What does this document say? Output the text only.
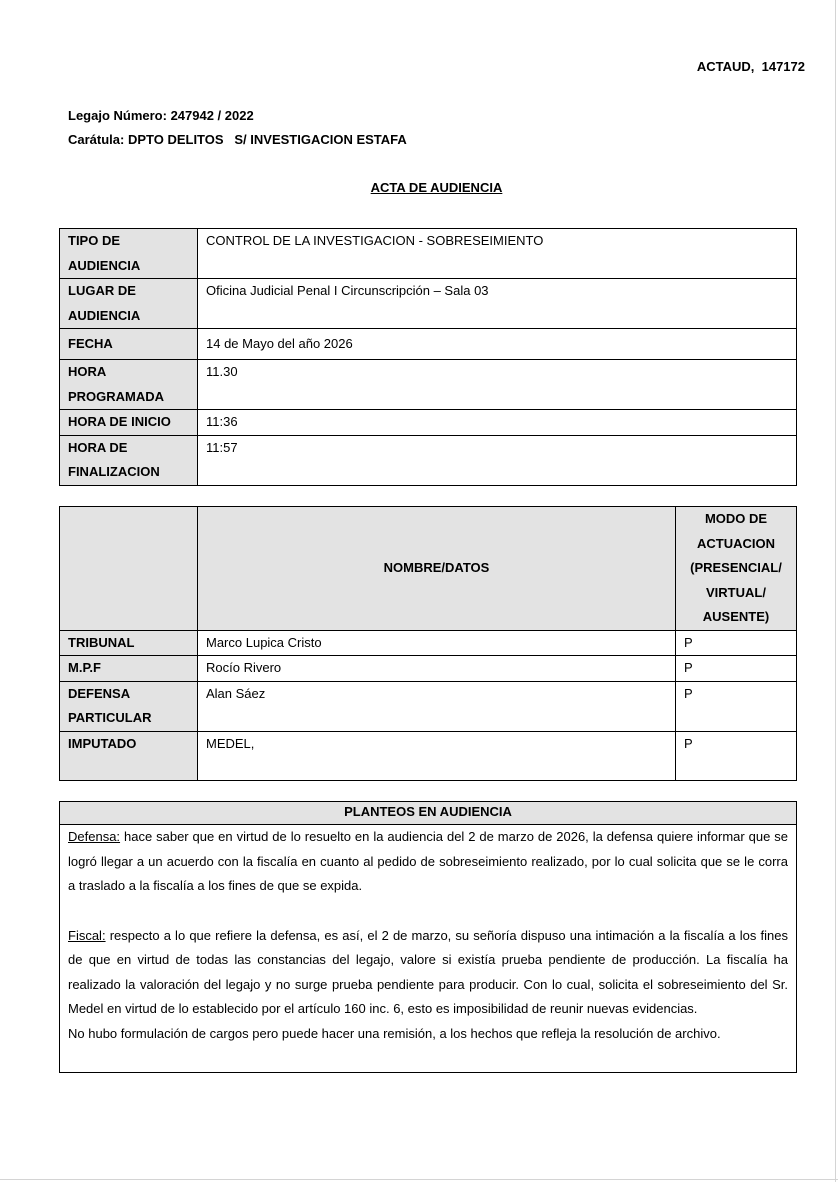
ACTAUD,  147172
Legajo Número: 247942 / 2022
Carátula: DPTO DELITOS   S/ INVESTIGACION ESTAFA
ACTA DE AUDIENCIA
TIPO DE AUDIENCIA	CONTROL DE LA INVESTIGACION - SOBRESEIMIENTO
LUGAR DE AUDIENCIA	Oficina Judicial Penal I Circunscripción – Sala 03
FECHA	14 de Mayo del año 2026
HORA PROGRAMADA	11.30
HORA DE INICIO	11:36
HORA DE FINALIZACION	11:57
	NOMBRE/DATOS	MODO DE ACTUACION (PRESENCIAL/ VIRTUAL/ AUSENTE)
TRIBUNAL	Marco Lupica Cristo	P
M.P.F	Rocío Rivero	P
DEFENSA PARTICULAR	Alan Sáez	P
IMPUTADO	MEDEL,	P
PLANTEOS EN AUDIENCIA

Defensa: hace saber que en virtud de lo resuelto en la audiencia del 2 de marzo de 2026, la defensa quiere informar que se logró llegar a un acuerdo con la fiscalía en cuanto al pedido de sobreseimiento realizado, por lo cual solicita que se le corra a traslado a la fiscalía a los fines de que se expida.

Fiscal: respecto a lo que refiere la defensa, es así, el 2 de marzo, su señoría dispuso una intimación a la fiscalía a los fines de que en virtud de todas las constancias del legajo, valore si existía prueba pendiente de producción. La fiscalía ha realizado la valoración del legajo y no surge prueba pendiente para producir. Con lo cual, solicita el sobreseimiento del Sr. Medel en virtud de lo establecido por el artículo 160 inc. 6, esto es imposibilidad de reunir nuevas evidencias.

No hubo formulación de cargos pero puede hacer una remisión, a los hechos que refleja la resolución de archivo.
